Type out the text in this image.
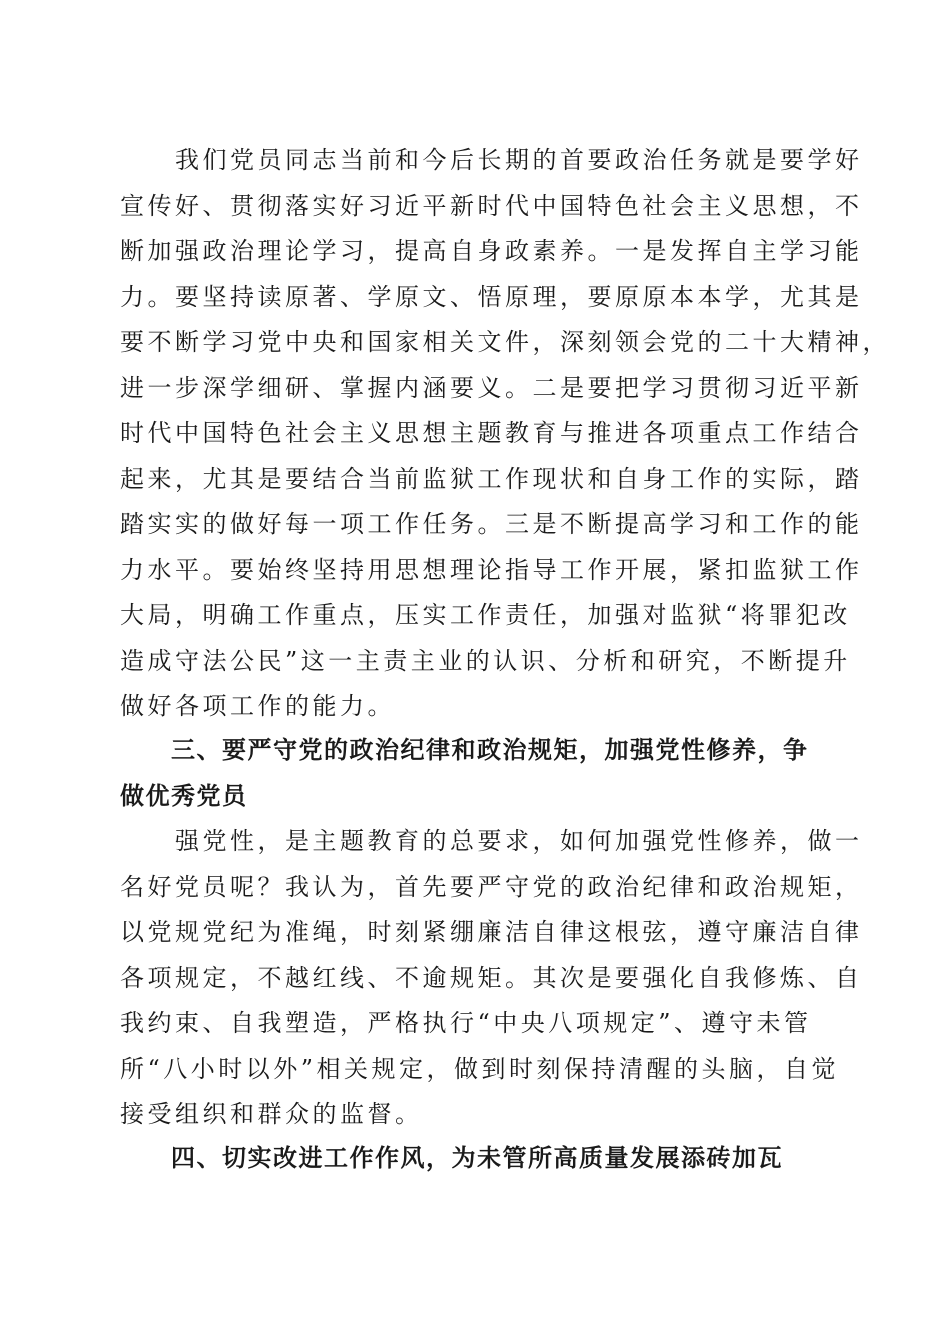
　　我们党员同志当前和今后长期的首要政治任务就是要学好
宣传好、贯彻落实好习近平新时代中国特色社会主义思想，不
断加强政治理论学习，提高自身政素养。一是发挥自主学习能
力。要坚持读原著、学原文、悟原理，要原原本本学，尤其是
要不断学习党中央和国家相关文件，深刻领会党的二十大精神，
进一步深学细研、掌握内涵要义。二是要把学习贯彻习近平新
时代中国特色社会主义思想主题教育与推进各项重点工作结合
起来，尤其是要结合当前监狱工作现状和自身工作的实际，踏
踏实实的做好每一项工作任务。三是不断提高学习和工作的能
力水平。要始终坚持用思想理论指导工作开展，紧扣监狱工作
大局，明确工作重点，压实工作责任，加强对监狱“将罪犯改
造成守法公民”这一主责主业的认识、分析和研究，不断提升
做好各项工作的能力。
　　三、要严守党的政治纪律和政治规矩，加强党性修养，争
做优秀党员
　　强党性，是主题教育的总要求，如何加强党性修养，做一
名好党员呢？我认为，首先要严守党的政治纪律和政治规矩，
以党规党纪为准绳，时刻紧绷廉洁自律这根弦，遵守廉洁自律
各项规定，不越红线、不逾规矩。其次是要强化自我修炼、自
我约束、自我塑造，严格执行“中央八项规定”、遵守未管
所“八小时以外”相关规定，做到时刻保持清醒的头脑，自觉
接受组织和群众的监督。
　　四、切实改进工作作风，为未管所高质量发展添砖加瓦
